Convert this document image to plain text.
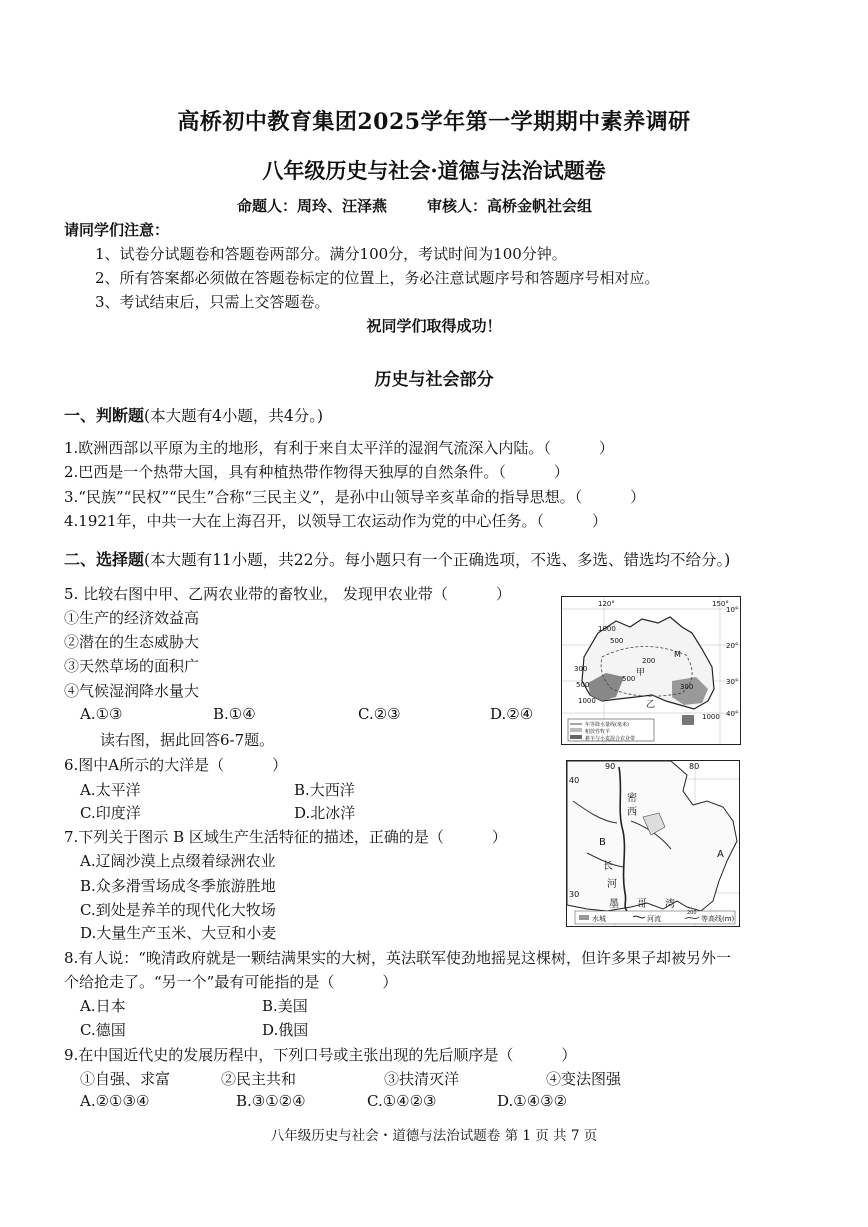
高桥初中教育集团2025学年第一学期期中素养调研
八年级历史与社会·道德与法治试题卷
命题人：周玲、汪泽燕	审核人：高桥金帆社会组
请同学们注意：
1、试卷分试题卷和答题卷两部分。满分100分，考试时间为100分钟。
2、所有答案都必须做在答题卷标定的位置上，务必注意试题序号和答题序号相对应。
3、考试结束后，只需上交答题卷。
祝同学们取得成功！
历史与社会部分
一、判断题(本大题有4小题，共4分。)
1.欧洲西部以平原为主的地形，有利于来自太平洋的湿润气流深入内陆。（	）
2.巴西是一个热带大国，具有种植热带作物得天独厚的自然条件。（	）
3.“民族”“民权”“民生”合称“三民主义”，是孙中山领导辛亥革命的指导思想。（	）
4.1921年，中共一大在上海召开，以领导工农运动作为党的中心任务。（	）
二、选择题(本大题有11小题，共22分。每小题只有一个正确选项，不选、多选、错选均不给分。)
5. 比较右图中甲、乙两农业带的畜牧业， 发现甲农业带（	）
①生产的经济效益高
②潜在的生态威胁大
③天然草场的面积广
④气候湿润降水量大
A.①③	B.①④	C.②③	D.②④
读右图，据此回答6-7题。
6.图中A所示的大洋是（	）
A.太平洋	B.大西洋
C.印度洋	D.北冰洋
7.下列关于图示 B 区域生产生活特征的描述，正确的是（	）
A.辽阔沙漠上点缀着绿洲农业
B.众多滑雪场成冬季旅游胜地
C.到处是养羊的现代化大牧场
D.大量生产玉米、大豆和小麦
8.有人说：“晚清政府就是一颗结满果实的大树，英法联军使劲地摇晃这棵树，但许多果子却被另外一
个给抢走了。“另一个”最有可能指的是（	）
A.日本	B.美国
C.德国	D.俄国
9.在中国近代史的发展历程中，下列口号或主张出现的先后顺序是（	）
①自强、求富	②民主共和	③扶清灭洋	④变法图强
A.②①③④	B.③①②④	C.①④②③	D.①④③②
120°	150°
10°
20°
30°
40°
1000
500
300
500
1000
1000
200
500
300
M
甲
乙
年等降水量线(毫米)
粗放性牧羊
耕羊与小麦混合农业带
90	80
40
30
密
西
B
长
河
A
墨 哥 湾
水城	河流	等高线(m)
200
八年级历史与社会・道德与法治试题卷 第 1 页 共 7 页
